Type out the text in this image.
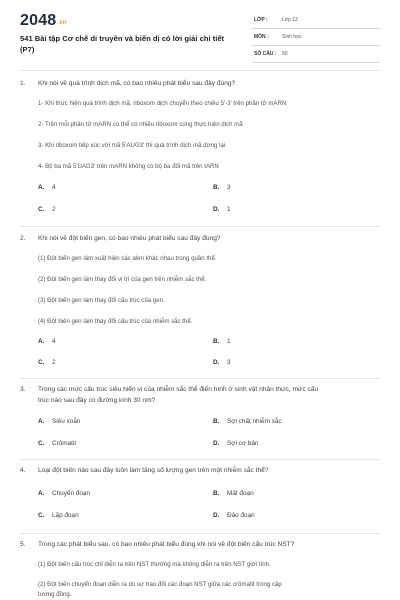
2048.vn
541 Bài tập Cơ chế di truyền và biến dị có lời giải chi tiết (P7)
LỚP :	Lớp 12
MÔN :	Sinh học
SỐ CÂU : 50
1. Khi nói về quá trình dịch mã, có bao nhiêu phát biểu sau đây đúng?
1- Khi thực hiện quá trình dịch mã, riboxom dịch chuyển theo chiều 5'-3' trên phân tử mARN
2- Trên mỗi phân tử mARN có thể có nhiều riboxom cùng thực hiện dịch mã
3- Khi riboxom tiếp xúc với mã 5'AUG3' thì quá trình dịch mã dừng lại
4- Bộ ba mã 5'UAG3' trên mARN không có bộ ba đối mã trên tARN
A. 4	B. 3
C. 2	D. 1
2. Khi nói về đột biến gen, có bao nhiêu phát biểu sau đây đúng?
(1) Đột biến gen làm xuất hiện các alen khác nhau trong quần thể.
(2) Đột biến gen làm thay đổi vị trí của gen trên nhiễm sắc thể.
(3) Đột biến gen làm thay đổi cấu trúc của gen.
(4) Đột biến gen làm thay đổi cấu trúc của nhiễm sắc thể.
A. 4	B. 1
C. 2	D. 3
3. Trong các mức cấu trúc siêu hiển vi của nhiễm sắc thể điển hình ở sinh vật nhân thực, mức cấu
trúc nào sau đây có đường kính 30 nm?
A. Siêu xoắn	B. Sợi chất nhiễm sắc
C. Crômatit	D. Sợi cơ bản
4. Loại đột biến nào sau đây luôn làm tăng số lượng gen trên một nhiễm sắc thể?
A. Chuyển đoạn	B. Mất đoạn
C. Lặp đoạn	D. Đảo đoạn
5. Trong các phát biểu sau, có bao nhiêu phát biểu đúng khi nói về đột biến cấu trúc NST?
(1) Đột biến cấu trúc chỉ diễn ra trên NST thường mà không diễn ra trên NST giới tính.
(2) Đột biến chuyển đoạn diễn ra do sự trao đổi các đoạn NST giữa các crômatit trong cặp
tương đồng.
